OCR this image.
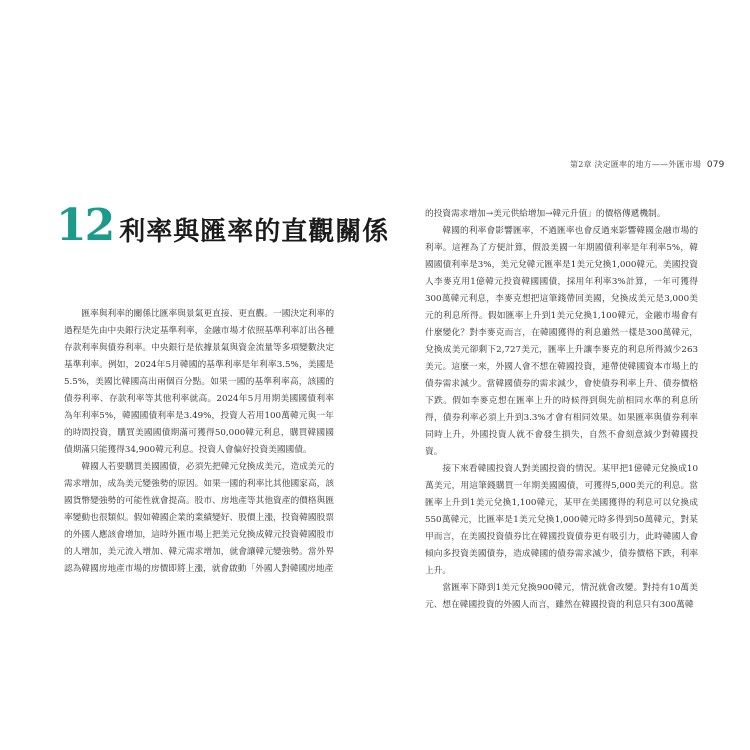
第2章 決定匯率的地方——外匯市場 079
12 利率與匯率的直觀關係

匯率與利率的關係比匯率與景氣更直接、更直觀。一國決定利率的過程是先由中央銀行決定基準利率，金融市場才依照基準利率訂出各種存款利率與債券利率。中央銀行是依據景氣與資金流量等多項變數決定基準利率。例如，2024年5月韓國的基準利率是年利率3.5%，美國是5.5%，美國比韓國高出兩個百分點。如果一國的基準利率高，該國的債券利率、存款利率等其他利率就高。2024年5月用期美國國債利率為年利率5%，韓國國債利率是3.49%，投資人若用100萬韓元與一年的時間投資，購買美國國債期滿可獲得50,000韓元利息，購買韓國國債期滿只能獲得34,900韓元利息。投資人會偏好投資美國國債。

韓國人若要購買美國國債，必須先把韓元兌換成美元，造成美元的需求增加，成為美元變強勢的原因。如果一國的利率比其他國家高，該國貨幣變強勢的可能性就會提高。股市、房地產等其他資產的價格與匯率變動也很類似。假如韓國企業的業績變好、股價上漲，投資韓國股票的外國人應該會增加，這時外匯市場上把美元兌換成韓元投資韓國股市的人增加，美元流入增加、韓元需求增加，就會讓韓元變強勢。當外界認為韓國房地產市場的房價即將上漲，就會啟動「外國人對韓國房地產

的投資需求增加→美元供給增加→韓元升值」的價格傳遞機制。

韓國的利率會影響匯率，不過匯率也會反過來影響韓國金融市場的利率。這裡為了方便計算，假設美國一年期國債利率是年利率5%，韓國國債利率是3%，美元兌韓元匯率是1美元兌換1,000韓元。美國投資人李麥克用1億韓元投資韓國國債，採用年利率3%計算，一年可獲得300萬韓元利息，李麥克想把這筆錢帶回美國，兌換成美元是3,000美元的利息所得。假如匯率上升到1美元兌換1,100韓元，金融市場會有什麼變化？對李麥克而言，在韓國獲得的利息雖然一樣是300萬韓元，兌換成美元卻剩下2,727美元，匯率上升讓李麥克的利息所得減少263美元。這麼一來，外國人會不想在韓國投資，連帶使韓國資本市場上的債券需求減少。當韓國債券的需求減少，會使債券利率上升、債券價格下跌。假如李麥克想在匯率上升的時候得到與先前相同水準的利息所得，債券利率必須上升到3.3%才會有相同效果。如果匯率與債券利率同時上升，外國投資人就不會發生損失，自然不會刻意減少對韓國投資。

接下來看韓國投資人對美國投資的情況。某甲把1億韓元兌換成10萬美元，用這筆錢購買一年期美國國債，可獲得5,000美元的利息。當匯率上升到1美元兌換1,100韓元，某甲在美國獲得的利息可以兌換成550萬韓元，比匯率是1美元兌換1,000韓元時多得到50萬韓元，對某甲而言，在美國投資債券比在韓國投資債券更有吸引力，此時韓國人會傾向多投資美國債券，造成韓國的債券需求減少，債券價格下跌，利率上升。

當匯率下降到1美元兌換900韓元，情況就會改變。對持有10萬美元、想在韓國投資的外國人而言，雖然在韓國投資的利息只有300萬韓
